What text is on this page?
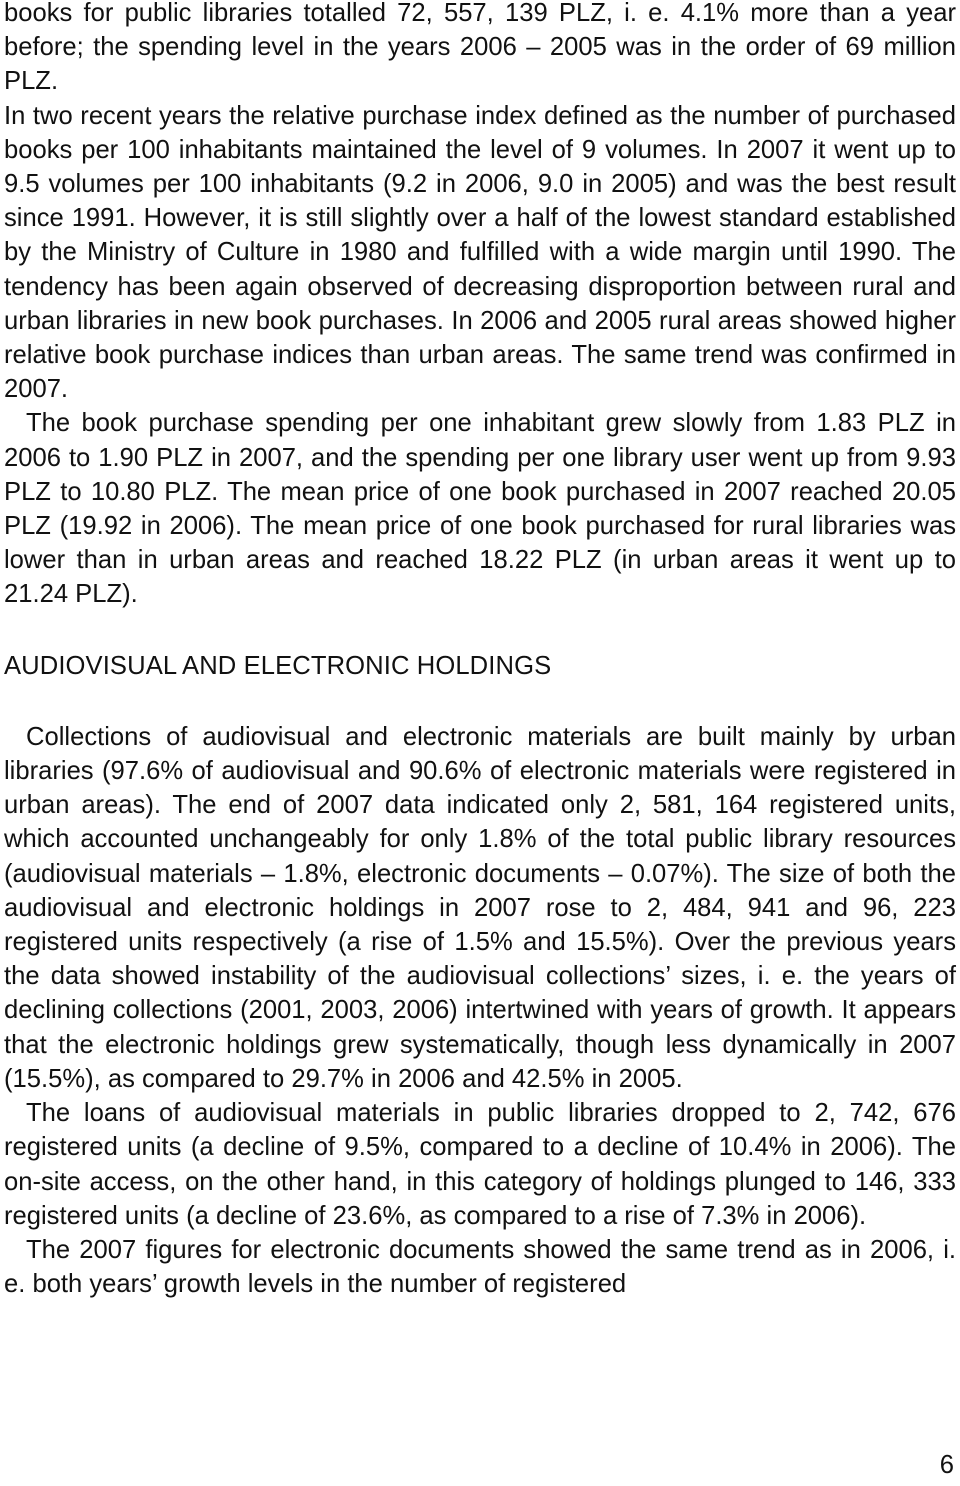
books for public libraries totalled 72, 557, 139 PLZ, i. e. 4.1% more than a year before; the spending level in the years 2006 – 2005 was in the order of 69 million PLZ.

In two recent years the relative purchase index defined as the number of purchased books per 100 inhabitants maintained the level of 9 volumes. In 2007 it went up to 9.5 volumes per 100 inhabitants (9.2 in 2006, 9.0 in 2005) and was the best result since 1991. However, it is still slightly over a half of the lowest standard established by the Ministry of Culture in 1980 and fulfilled with a wide margin until 1990. The tendency has been again observed of decreasing disproportion between rural and urban libraries in new book purchases. In 2006 and 2005 rural areas showed higher relative book purchase indices than urban areas. The same trend was confirmed in 2007.

The book purchase spending per one inhabitant grew slowly from 1.83 PLZ in 2006 to 1.90 PLZ in 2007, and the spending per one library user went up from 9.93 PLZ to 10.80 PLZ. The mean price of one book purchased in 2007 reached 20.05 PLZ (19.92 in 2006). The mean price of one book purchased for rural libraries was lower than in urban areas and reached 18.22 PLZ (in urban areas it went up to 21.24 PLZ).

AUDIOVISUAL AND ELECTRONIC HOLDINGS

Collections of audiovisual and electronic materials are built mainly by urban libraries (97.6% of audiovisual and 90.6% of electronic materials were registered in urban areas). The end of 2007 data indicated only 2, 581, 164 registered units, which accounted unchangeably for only 1.8% of the total public library resources (audiovisual materials – 1.8%, electronic documents – 0.07%). The size of both the audiovisual and electronic holdings in 2007 rose to 2, 484, 941 and 96, 223 registered units respectively (a rise of 1.5% and 15.5%). Over the previous years the data showed instability of the audiovisual collections’ sizes, i. e. the years of declining collections (2001, 2003, 2006) intertwined with years of growth. It appears that the electronic holdings grew systematically, though less dynamically in 2007 (15.5%), as compared to 29.7% in 2006 and 42.5% in 2005.

The loans of audiovisual materials in public libraries dropped to 2, 742, 676 registered units (a decline of 9.5%, compared to a decline of 10.4% in 2006). The on-site access, on the other hand, in this category of holdings plunged to 146, 333 registered units (a decline of 23.6%, as compared to a rise of 7.3% in 2006).

The 2007 figures for electronic documents showed the same trend as in 2006, i. e. both years’ growth levels in the number of registered

6
